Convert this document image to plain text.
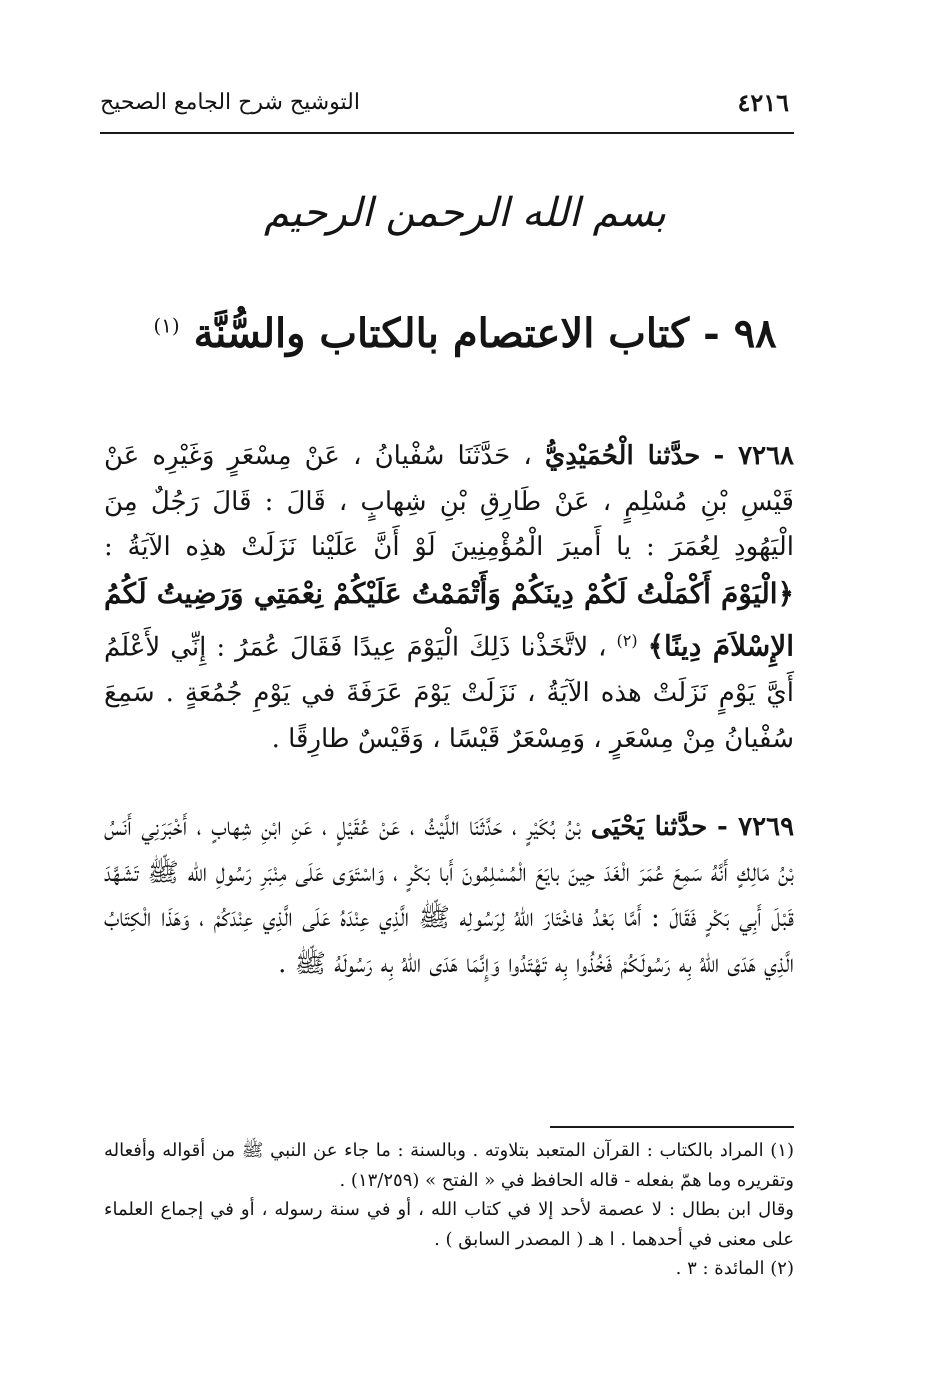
٤٢١٦
التوشيح شرح الجامع الصحيح
بسم الله الرحمن الرحيم
٩٨ - كتاب الاعتصام بالكتاب والسُّنَّة $^{(١)}$
٧٢٦٨ - حدَّثنا الْحُمَيْدِيُّ ، حَدَّثَنَا سُفْيانُ ، عَنْ مِسْعَرٍ وَغَيْرِه عَنْ قَيْسِ بْنِ مُسْلِمٍ ، عَنْ طَارِقِ بْنِ شِهابٍ ، قَالَ : قَالَ رَجُلٌ مِنَ الْيَهُودِ لِعُمَرَ : يا أَميرَ الْمُؤْمِنِينَ لَوْ أَنَّ عَلَيْنا نَزَلَتْ هذِه الآيَةُ : ﴿الْيَوْمَ أَكْمَلْتُ لَكُمْ دِينَكُمْ وَأَتْمَمْتُ عَلَيْكُمْ نِعْمَتِي وَرَضِيتُ لَكُمُ الإِسْلاَمَ دِينًا﴾ $^{(٢)}$ ، لاتَّخَذْنا ذَلِكَ الْيَوْمَ عِيدًا فَقَالَ عُمَرُ : إِنِّي لأَعْلَمُ أَيَّ يَوْمٍ نَزَلَتْ هذه الآيَةُ ، نَزَلَتْ يَوْمَ عَرَفَةَ في يَوْمِ جُمُعَةٍ . سَمِعَ سُفْيانُ مِنْ مِسْعَرٍ ، وَمِسْعَرٌ قَيْسًا ، وَقَيْسٌ طارِقًا .
٧٢٦٩ - حدَّثنا يَحْيَى بْنُ بُكَيْرٍ ، حَدَّثَنَا اللَّيْثُ ، عَنْ عُقَيْلٍ ، عَنِ ابْنِ شِهابٍ ، أَخْبَرَنِي أَنَسُ بْنُ مَالِكٍ أَنَّهُ سَمِعَ عُمَرَ الْغَدَ حِينَ بايَعَ الْمُسْلِمُونَ أَبا بَكْرٍ ، وَاسْتَوَى عَلَى مِنْبَرِ رَسُولِ الله ﷺ تَشَهَّدَ قَبْلَ أَبِي بَكْرٍ فَقَالَ : أَمَّا بَعْدُ فاخْتَارَ اللهُ لِرَسُولِه ﷺ الَّذِي عِنْدَهُ عَلَى الَّذِي عِنْدَكُمْ ، وَهَذَا الْكِتَابُ الَّذِي هَدَى اللهُ بِه رَسُولَكُمْ فَخُذُوا بِه تَهْتَدُوا وَإِنَّمَا هَدَى اللهُ بِه رَسُولَهُ ﷺ .

(١) المراد بالكتاب : القرآن المتعبد بتلاوته . وبالسنة : ما جاء عن النبي ﷺ من أقواله وأفعاله وتقريره وما همّ بفعله - قاله الحافظ في « الفتح » (١٣/٢٥٩) .

وقال ابن بطال : لا عصمة لأحد إلا في كتاب الله ، أو في سنة رسوله ، أو في إجماع العلماء على معنى في أحدهما . ا هـ ( المصدر السابق ) .

(٢) المائدة : ٣ .
